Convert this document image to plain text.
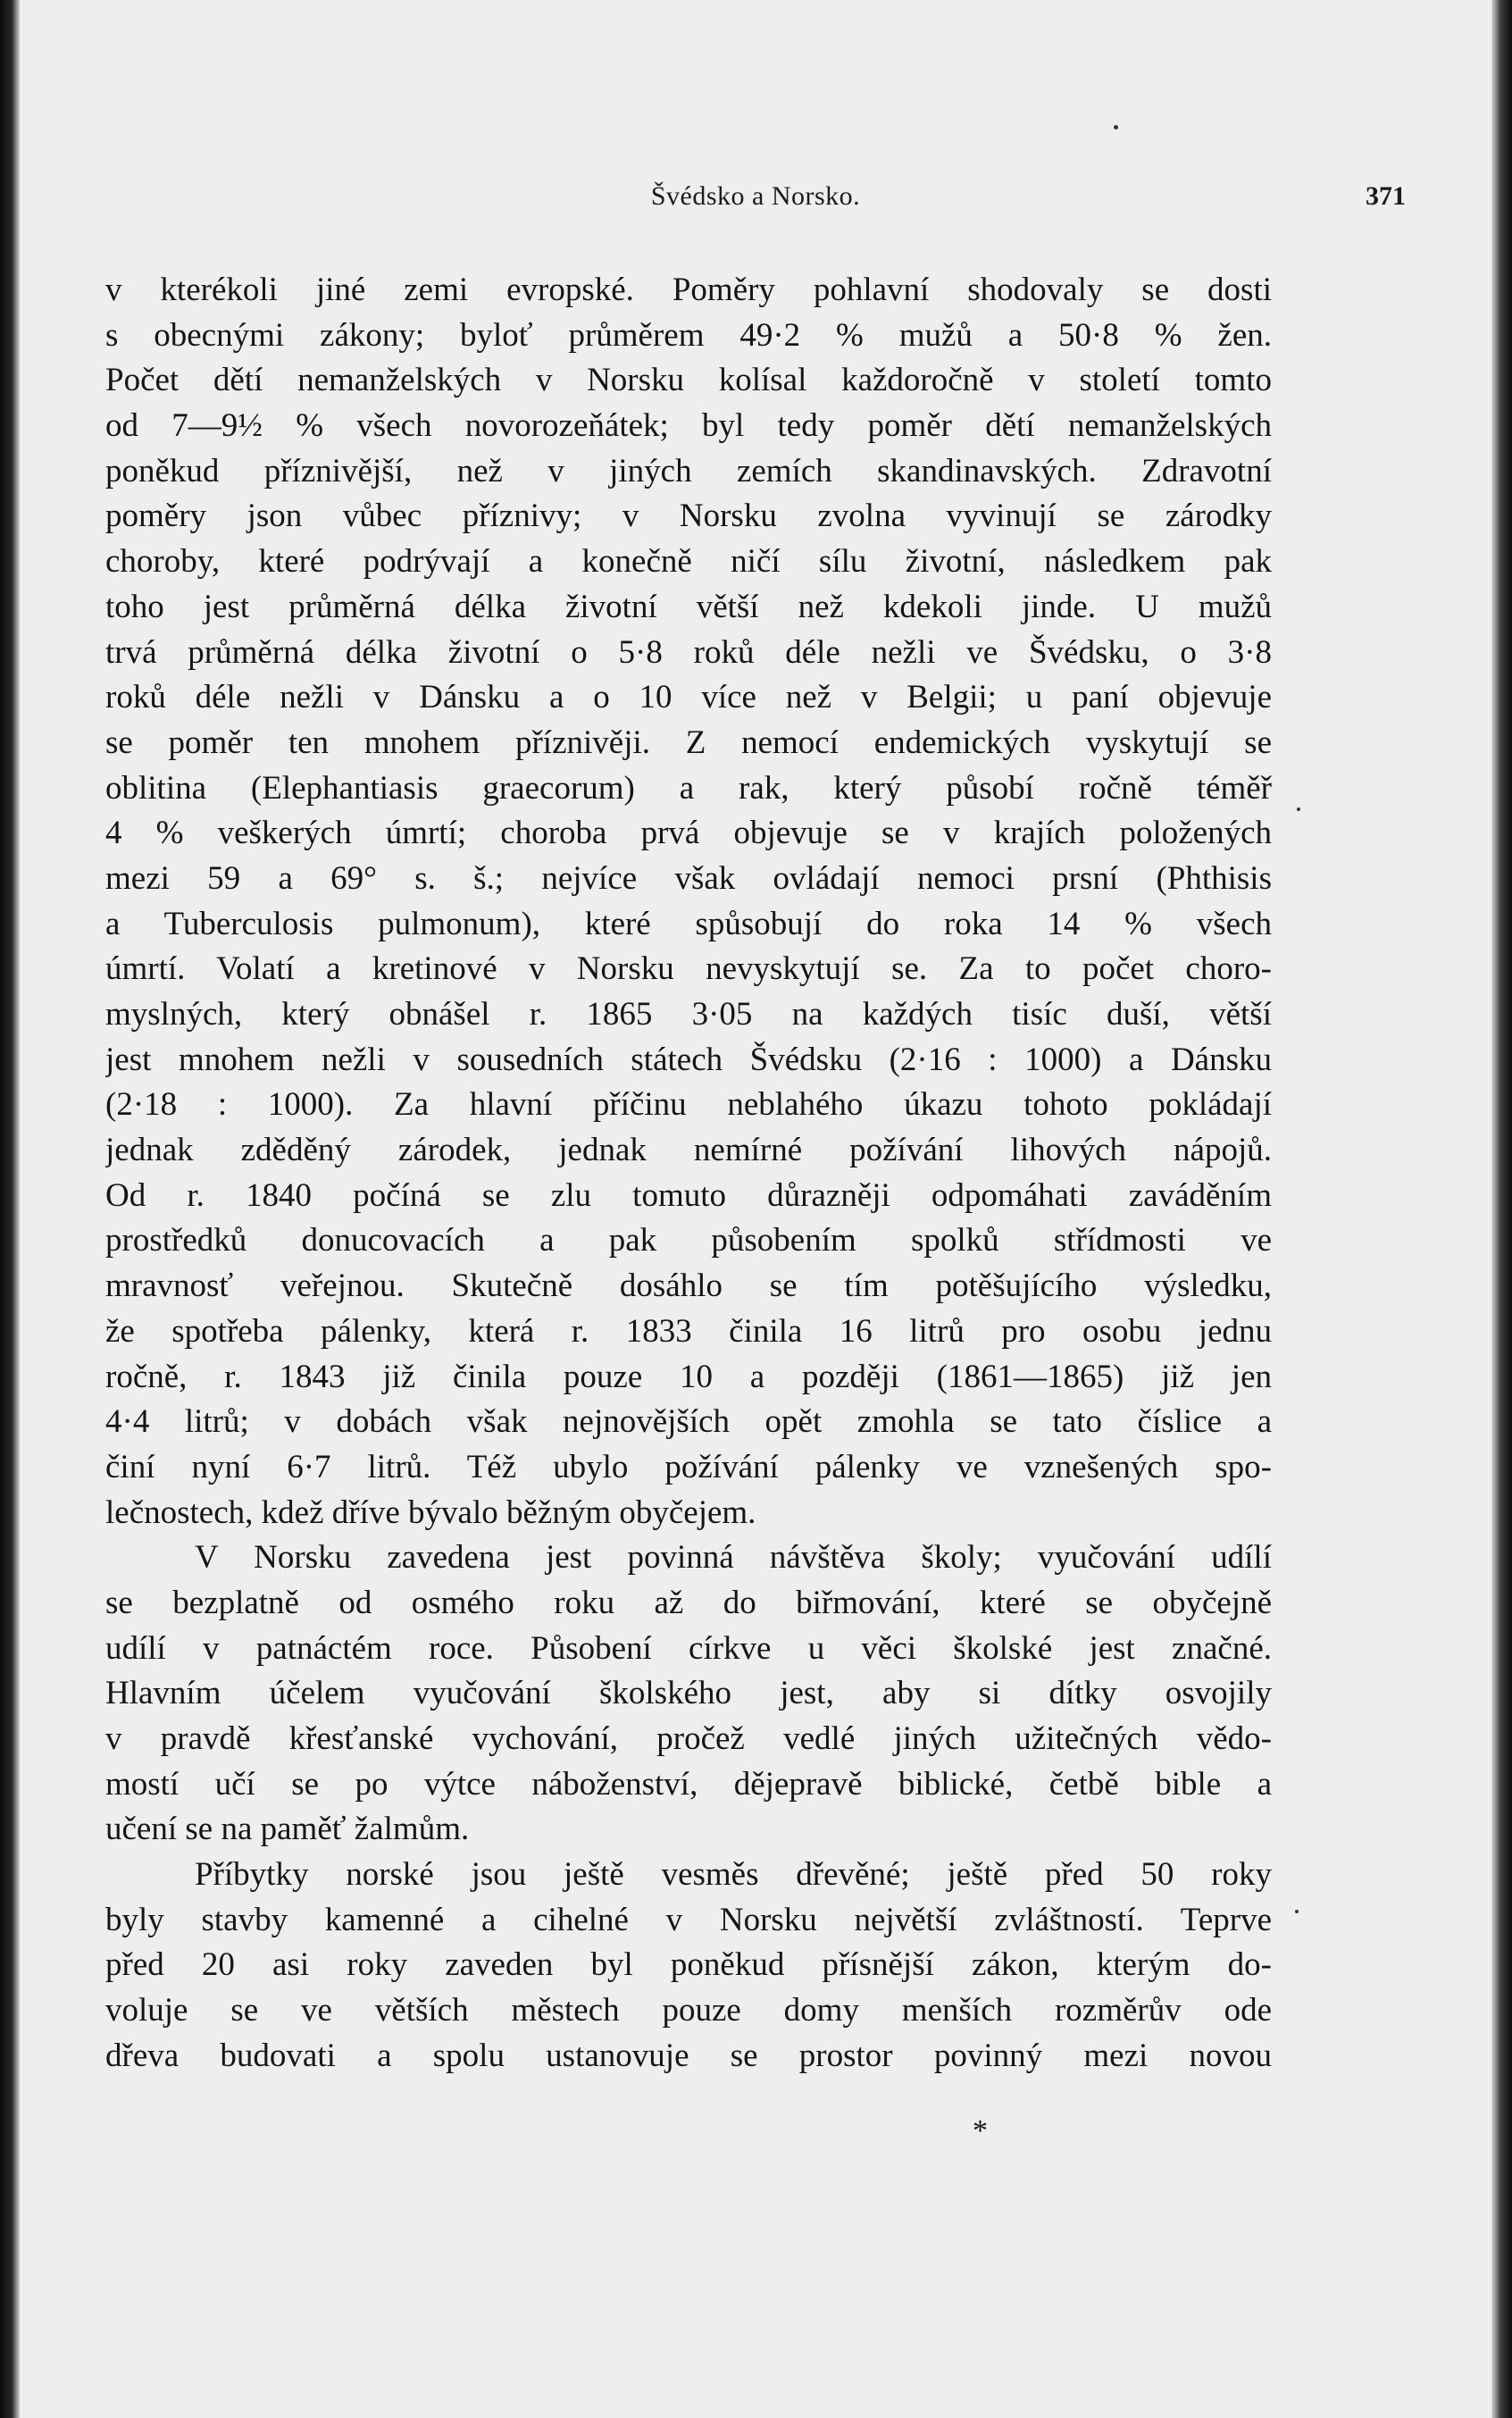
Švédsko a Norsko.	371
v kterékoli jiné zemi evropské. Poměry pohlavní shodovaly se dosti
s obecnými zákony; byloť průměrem 49·2 % mužů a 50·8 % žen.
Počet dětí nemanželských v Norsku kolísal každoročně v století tomto
od 7—9½ % všech novorozeňátek; byl tedy poměr dětí nemanželských
poněkud příznivější, než v jiných zemích skandinavských. Zdravotní
poměry json vůbec příznivy; v Norsku zvolna vyvinují se zárodky
choroby, které podrývají a konečně ničí sílu životní, následkem pak
toho jest průměrná délka životní větší než kdekoli jinde. U mužů
trvá průměrná délka životní o 5·8 roků déle nežli ve Švédsku, o 3·8
roků déle nežli v Dánsku a o 10 více než v Belgii; u paní objevuje
se poměr ten mnohem příznivěji. Z nemocí endemických vyskytují se
oblitina (Elephantiasis graecorum) a rak, který působí ročně téměř
4 % veškerých úmrtí; choroba prvá objevuje se v krajích položených
mezi 59 a 69° s. š.; nejvíce však ovládají nemoci prsní (Phthisis
a Tuberculosis pulmonum), které spůsobují do roka 14 % všech
úmrtí. Volatí a kretinové v Norsku nevyskytují se. Za to počet choro-
myslných, který obnášel r. 1865 3·05 na každých tisíc duší, větší
jest mnohem nežli v sousedních státech Švédsku (2·16 : 1000) a Dánsku
(2·18 : 1000). Za hlavní příčinu neblahého úkazu tohoto pokládají
jednak zděděný zárodek, jednak nemírné požívání lihových nápojů.
Od r. 1840 počíná se zlu tomuto důrazněji odpomáhati zaváděním
prostředků donucovacích a pak působením spolků střídmosti ve
mravnosť veřejnou. Skutečně dosáhlo se tím potěšujícího výsledku,
že spotřeba pálenky, která r. 1833 činila 16 litrů pro osobu jednu
ročně, r. 1843 již činila pouze 10 a později (1861—1865) již jen
4·4 litrů; v dobách však nejnovějších opět zmohla se tato číslice a
činí nyní 6·7 litrů. Též ubylo požívání pálenky ve vznešených spo-
lečnostech, kdež dříve bývalo běžným obyčejem.
V Norsku zavedena jest povinná návštěva školy; vyučování udílí
se bezplatně od osmého roku až do biřmování, které se obyčejně
udílí v patnáctém roce. Působení církve u věci školské jest značné.
Hlavním účelem vyučování školského jest, aby si dítky osvojily
v pravdě křesťanské vychování, pročež vedlé jiných užitečných vědo-
mostí učí se po výtce náboženství, dějepravě biblické, četbě bible a
učení se na paměť žalmům.
Příbytky norské jsou ještě vesměs dřevěné; ještě před 50 roky
byly stavby kamenné a cihelné v Norsku největší zvláštností. Teprve
před 20 asi roky zaveden byl poněkud přísnější zákon, kterým do-
voluje se ve větších městech pouze domy menších rozměrův ode
dřeva budovati a spolu ustanovuje se prostor povinný mezi novou
*
